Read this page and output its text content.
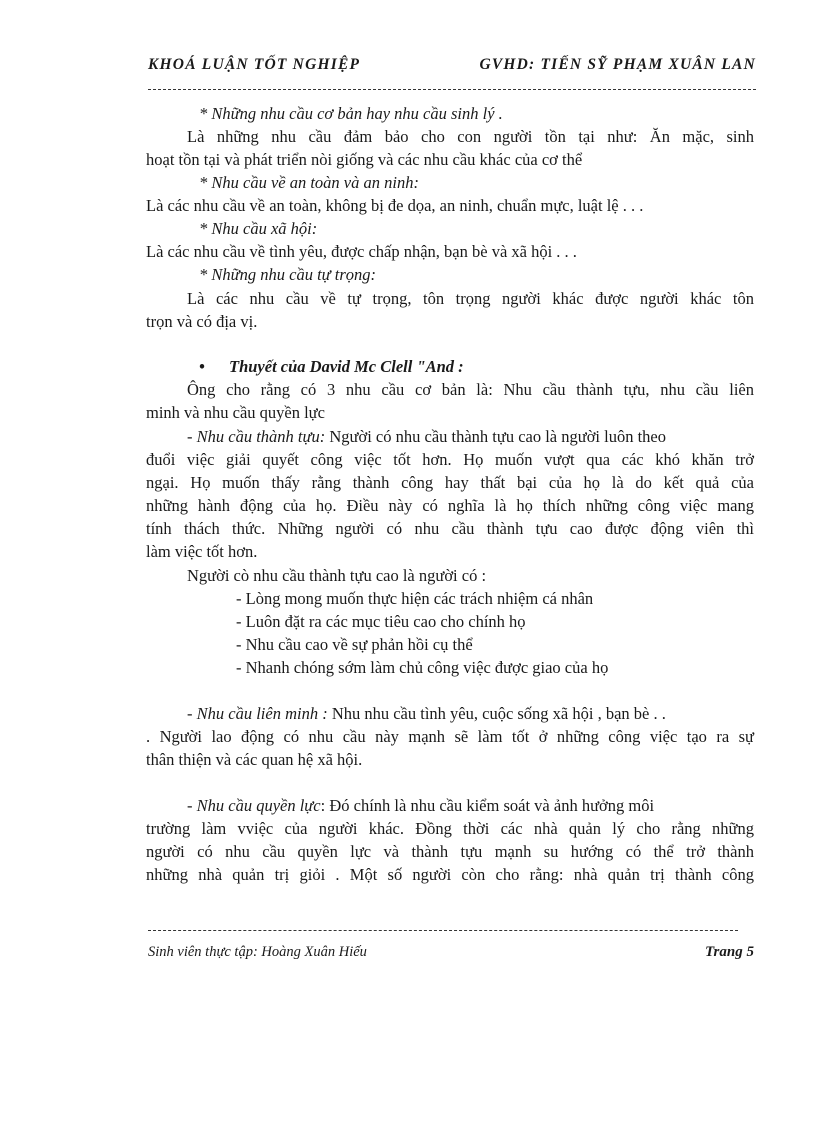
KHOÁ LUẬN TỐT NGHIỆP	GVHD: TIẾN SỸ PHẠM XUÂN LAN
* Những nhu cầu cơ bản hay nhu cầu sinh lý .
Là những nhu cầu đảm bảo cho con người tồn tại như: Ăn mặc, sinh
hoạt tồn tại và phát triển nòi giống và các nhu cầu khác của cơ thể
* Nhu cầu về an toàn và an ninh:
Là các nhu cầu về an toàn, không bị đe dọa, an ninh, chuẩn mực, luật lệ . . .
* Nhu cầu xã hội:
Là các nhu cầu về tình yêu, được chấp nhận, bạn bè và xã hội . . .
* Những nhu cầu tự trọng:
Là các nhu cầu về tự trọng, tôn trọng người khác được người khác tôn
trọn và có địa vị.
• Thuyết của David Mc Clell "And :
Ông cho rằng có 3 nhu cầu cơ bản là: Nhu cầu thành tựu, nhu cầu liên
minh và nhu cầu quyền lực
- Nhu cầu thành tựu: Người có nhu cầu thành tựu cao là người luôn theo
đuổi việc giải quyết công việc tốt hơn. Họ muốn vượt qua các khó khăn trở
ngại. Họ muốn thấy rằng thành công hay thất bại của họ là do kết quả của
những hành động của họ. Điều này có nghĩa là họ thích những công việc mang
tính thách thức. Những người có nhu cầu thành tựu cao được động viên thì
làm việc tốt hơn.
Người cò nhu cầu thành tựu cao là người có :
- Lòng mong muốn thực hiện các trách nhiệm cá nhân
- Luôn đặt ra các mục tiêu cao cho chính họ
- Nhu cầu cao về sự phản hồi cụ thể
- Nhanh chóng sớm làm chủ công việc được giao của họ
- Nhu cầu liên minh : Nhu nhu cầu tình yêu, cuộc sống xã hội , bạn bè . .
. Người lao động có nhu cầu này mạnh sẽ làm tốt ở những công việc tạo ra sự
thân thiện và các quan hệ xã hội.
- Nhu cầu quyền lực: Đó chính là nhu cầu kiểm soát và ảnh hưởng môi
trường làm vviệc của người khác. Đồng thời các nhà quản lý cho rằng những
người có nhu cầu quyền lực và thành tựu mạnh su hướng có thể trở thành
những nhà quản trị giỏi . Một số người còn cho rằng: nhà quản trị thành công
Sinh viên thực tập: Hoàng Xuân Hiếu	Trang 5
